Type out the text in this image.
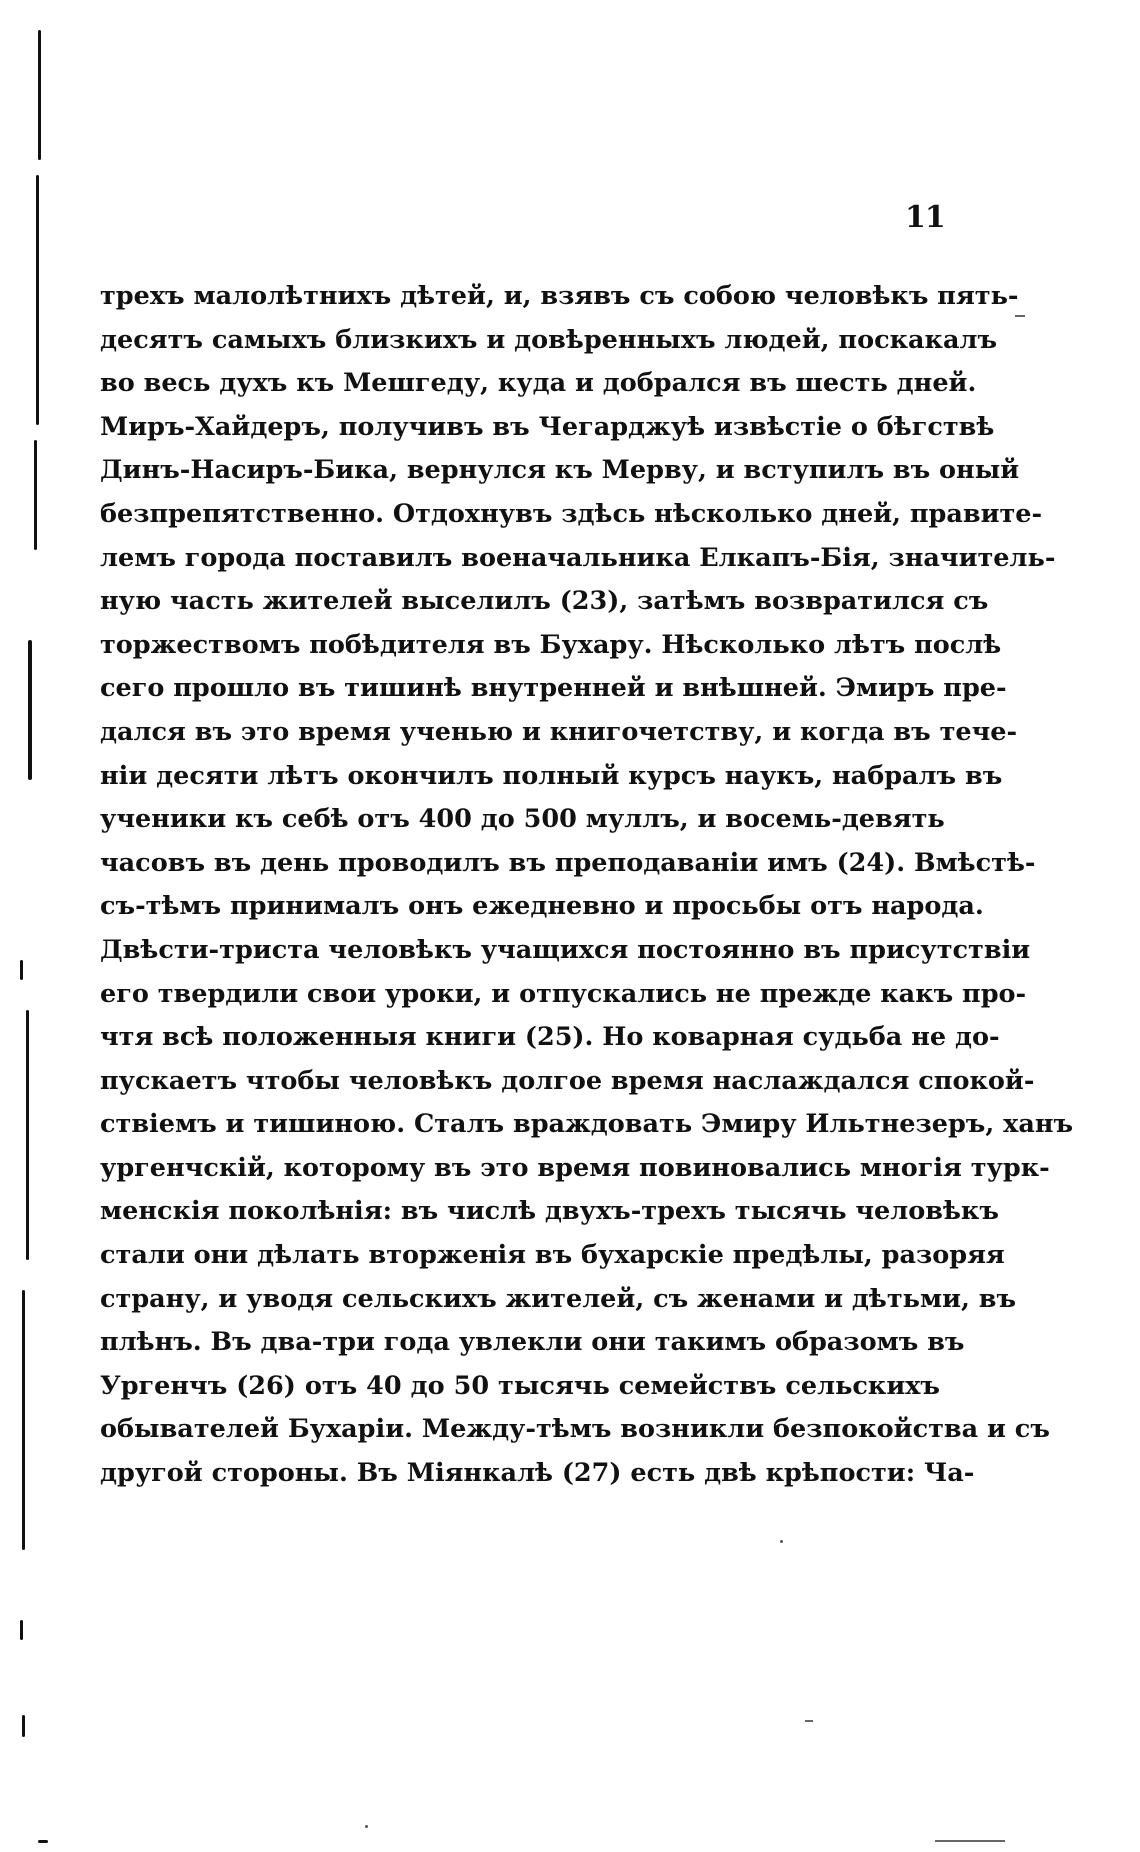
11
трехъ малолѣтнихъ дѣтей, и, взявъ съ собою человѣкъ пять-
десятъ самыхъ близкихъ и довѣренныхъ людей, поскакалъ
во весь духъ къ Мешгеду, куда и добрался въ шесть дней.
Миръ-Хайдеръ, получивъ въ Чегарджуѣ извѣстіе о бѣгствѣ
Динъ-Насиръ-Бика, вернулся къ Мерву, и вступилъ въ оный
безпрепятственно. Отдохнувъ здѣсь нѣсколько дней, правите-
лемъ города поставилъ военачальника Елкапъ-Бія, значитель-
ную часть жителей выселилъ (23), затѣмъ возвратился съ
торжествомъ побѣдителя въ Бухару. Нѣсколько лѣтъ послѣ
сего прошло въ тишинѣ внутренней и внѣшней. Эмиръ пре-
дался въ это время ученью и книгочетству, и когда въ тече-
ніи десяти лѣтъ окончилъ полный курсъ наукъ, набралъ въ
ученики къ себѣ отъ 400 до 500 муллъ, и восемь-девять
часовъ въ день проводилъ въ преподаваніи имъ (24). Вмѣстѣ-
съ-тѣмъ принималъ онъ ежедневно и просьбы отъ народа.
Двѣсти-триста человѣкъ учащихся постоянно въ присутствіи
его твердили свои уроки, и отпускались не прежде какъ про-
чтя всѣ положенныя книги (25). Но коварная судьба не до-
пускаетъ чтобы человѣкъ долгое время наслаждался спокой-
ствіемъ и тишиною. Сталъ враждовать Эмиру Ильтнезеръ, ханъ
ургенчскій, которому въ это время повиновались многія турк-
менскія поколѣнія: въ числѣ двухъ-трехъ тысячь человѣкъ
стали они дѣлать вторженія въ бухарскіе предѣлы, разоряя
страну, и уводя сельскихъ жителей, съ женами и дѣтьми, въ
плѣнъ. Въ два-три года увлекли они такимъ образомъ въ
Ургенчъ (26) отъ 40 до 50 тысячь семействъ сельскихъ
обывателей Бухаріи. Между-тѣмъ возникли безпокойства и съ
другой стороны. Въ Міянкалѣ (27) есть двѣ крѣпости: Ча-
